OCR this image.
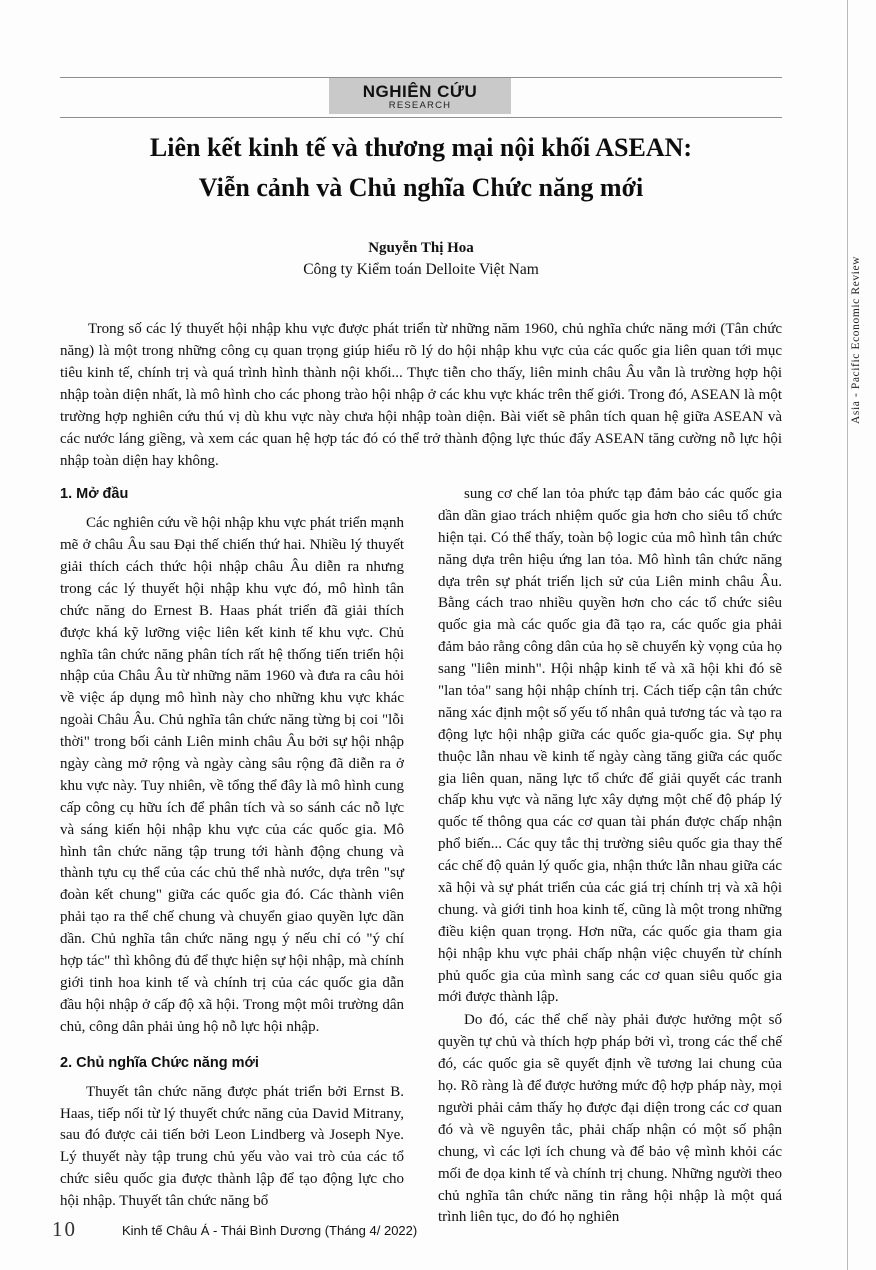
Asia - Pacific Economic Review
NGHIÊN CỨU
RESEARCH
Liên kết kinh tế và thương mại nội khối ASEAN:
Viễn cảnh và Chủ nghĩa Chức năng mới
Nguyễn Thị Hoa
Công ty Kiểm toán Delloite Việt Nam

Trong số các lý thuyết hội nhập khu vực được phát triển từ những năm 1960, chủ nghĩa chức năng mới (Tân chức năng) là một trong những công cụ quan trọng giúp hiểu rõ lý do hội nhập khu vực của các quốc gia liên quan tới mục tiêu kinh tế, chính trị và quá trình hình thành nội khối... Thực tiễn cho thấy, liên minh châu Âu vẫn là trường hợp hội nhập toàn diện nhất, là mô hình cho các phong trào hội nhập ở các khu vực khác trên thế giới. Trong đó, ASEAN là một trường hợp nghiên cứu thú vị dù khu vực này chưa hội nhập toàn diện. Bài viết sẽ phân tích quan hệ giữa ASEAN và các nước láng giềng, và xem các quan hệ hợp tác đó có thể trở thành động lực thúc đẩy ASEAN tăng cường nỗ lực hội nhập toàn diện hay không.

1. Mở đầu

Các nghiên cứu về hội nhập khu vực phát triển mạnh mẽ ở châu Âu sau Đại thế chiến thứ hai. Nhiều lý thuyết giải thích cách thức hội nhập châu Âu diễn ra nhưng trong các lý thuyết hội nhập khu vực đó, mô hình tân chức năng do Ernest B. Haas phát triển đã giải thích được khá kỹ lưỡng việc liên kết kinh tế khu vực. Chủ nghĩa tân chức năng phân tích rất hệ thống tiến triển hội nhập của Châu Âu từ những năm 1960 và đưa ra câu hỏi về việc áp dụng mô hình này cho những khu vực khác ngoài Châu Âu. Chủ nghĩa tân chức năng từng bị coi "lỗi thời" trong bối cảnh Liên minh châu Âu bởi sự hội nhập ngày càng mở rộng và ngày càng sâu rộng đã diễn ra ở khu vực này. Tuy nhiên, về tổng thể đây là mô hình cung cấp công cụ hữu ích để phân tích và so sánh các nỗ lực và sáng kiến hội nhập khu vực của các quốc gia. Mô hình tân chức năng tập trung tới hành động chung và thành tựu cụ thể của các chủ thể nhà nước, dựa trên "sự đoàn kết chung" giữa các quốc gia đó. Các thành viên phải tạo ra thể chế chung và chuyển giao quyền lực dần dần. Chủ nghĩa tân chức năng ngụ ý nếu chỉ có "ý chí hợp tác" thì không đủ để thực hiện sự hội nhập, mà chính giới tinh hoa kinh tế và chính trị của các quốc gia dẫn đầu hội nhập ở cấp độ xã hội. Trong một môi trường dân chủ, công dân phải ủng hộ nỗ lực hội nhập.

2. Chủ nghĩa Chức năng mới

Thuyết tân chức năng được phát triển bởi Ernst B. Haas, tiếp nối từ lý thuyết chức năng của David Mitrany, sau đó được cải tiến bởi Leon Lindberg và Joseph Nye. Lý thuyết này tập trung chủ yếu vào vai trò của các tổ chức siêu quốc gia được thành lập để tạo động lực cho hội nhập. Thuyết tân chức năng bổ

sung cơ chế lan tỏa phức tạp đảm bảo các quốc gia dần dần giao trách nhiệm quốc gia hơn cho siêu tổ chức hiện tại. Có thể thấy, toàn bộ logic của mô hình tân chức năng dựa trên hiệu ứng lan tỏa. Mô hình tân chức năng dựa trên sự phát triển lịch sử của Liên minh châu Âu. Bằng cách trao nhiều quyền hơn cho các tổ chức siêu quốc gia mà các quốc gia đã tạo ra, các quốc gia phải đảm bảo rằng công dân của họ sẽ chuyển kỳ vọng của họ sang "liên minh". Hội nhập kinh tế và xã hội khi đó sẽ "lan tỏa" sang hội nhập chính trị. Cách tiếp cận tân chức năng xác định một số yếu tố nhân quả tương tác và tạo ra động lực hội nhập giữa các quốc gia-quốc gia. Sự phụ thuộc lẫn nhau về kinh tế ngày càng tăng giữa các quốc gia liên quan, năng lực tổ chức để giải quyết các tranh chấp khu vực và năng lực xây dựng một chế độ pháp lý quốc tế thông qua các cơ quan tài phán được chấp nhận phổ biến... Các quy tắc thị trường siêu quốc gia thay thế các chế độ quản lý quốc gia, nhận thức lẫn nhau giữa các xã hội và sự phát triển của các giá trị chính trị và xã hội chung. và giới tinh hoa kinh tế, cũng là một trong những điều kiện quan trọng. Hơn nữa, các quốc gia tham gia hội nhập khu vực phải chấp nhận việc chuyển từ chính phủ quốc gia của mình sang các cơ quan siêu quốc gia mới được thành lập.

Do đó, các thể chế này phải được hưởng một số quyền tự chủ và thích hợp pháp bởi vì, trong các thể chế đó, các quốc gia sẽ quyết định về tương lai chung của họ. Rõ ràng là để được hưởng mức độ hợp pháp này, mọi người phải cảm thấy họ được đại diện trong các cơ quan đó và về nguyên tắc, phải chấp nhận có một số phận chung, vì các lợi ích chung và để bảo vệ mình khỏi các mối đe dọa kinh tế và chính trị chung. Những người theo chủ nghĩa tân chức năng tin rằng hội nhập là một quá trình liên tục, do đó họ nghiên

10	Kinh tế Châu Á - Thái Bình Dương (Tháng 4/ 2022)
